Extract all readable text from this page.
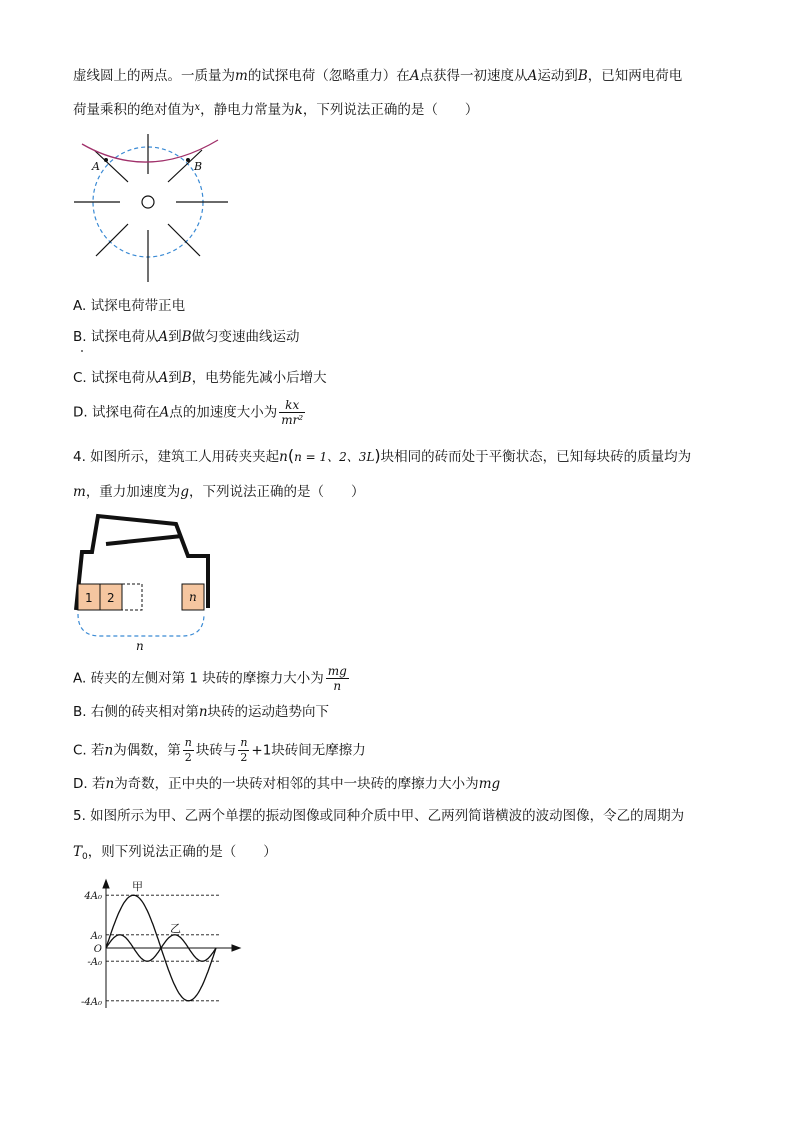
虚线圆上的两点。一质量为m的试探电荷（忽略重力）在A点获得一初速度从A运动到B，已知两电荷电
荷量乘积的绝对值为$^x$，静电力常量为k，下列说法正确的是（　　）
A	B
A. 试探电荷带正电
B. 试探电荷从A到B做匀变速曲线运动
C. 试探电荷从A到B，电势能先减小后增大
D. 试探电荷在A点的加速度大小为 $\frac{kx}{\text{mr²}}$
4. 如图所示，建筑工人用砖夹夹起n(n = 1、2、3L)块相同的砖而处于平衡状态，已知每块砖的质量均为
m，重力加速度为g，下列说法正确的是（　　）
1 2	n
n
A. 砖夹的左侧对第 1 块砖的摩擦力大小为 $\frac{mg}{n}$
B. 右侧的砖夹相对第n块砖的运动趋势向下
C. 若n为偶数，第 $\frac{n}{2}$ 块砖与 $\frac{n}{2} +1$块砖间无摩擦力
D. 若n为奇数，正中央的一块砖对相邻的其中一块砖的摩擦力大小为mg
5. 如图所示为甲、乙两个单摆的振动图像或同种介质中甲、乙两列简谐横波的波动图像，令乙的周期为
$T_0$，则下列说法正确的是（　　）
4A₀
A₀
O
-A₀
-4A₀
甲
乙
